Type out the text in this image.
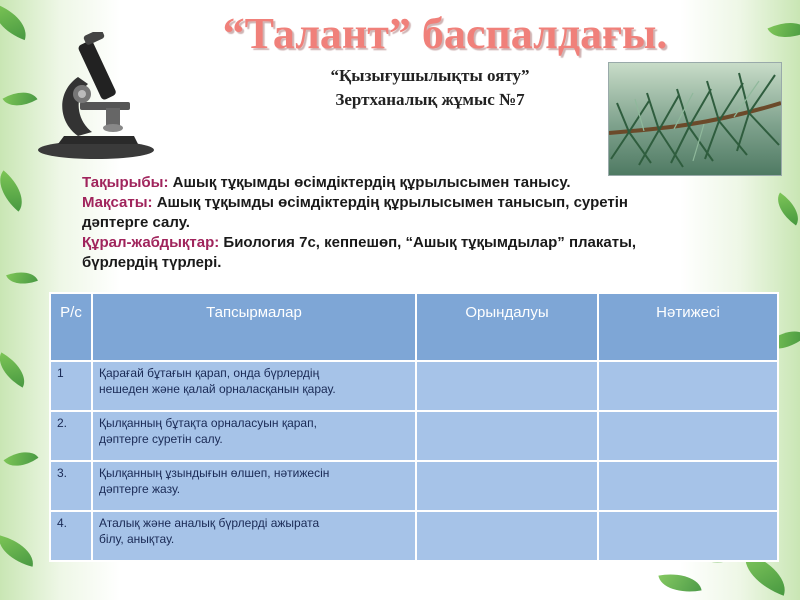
“Талант” баспалдағы.
“Қызығушылықты ояту”
Зертханалық жұмыс №7
Тақырыбы: Ашық тұқымды өсімдіктердің құрылысымен танысу.
Мақсаты: Ашық тұқымды өсімдіктердің құрылысымен танысып, суретін
дәптерге салу.
Құрал-жабдықтар: Биология 7с, кеппешөп, “Ашық тұқымдылар” плакаты,
бүрлердің түрлері.
Р/с	Тапсырмалар	Орындалуы	Нәтижесі
1	Қарағай бұтағын қарап, онда бүрлердің
нешеден және қалай орналасқанын қарау.		

2.	Қылқанның бұтақта орналасуын қарап,
дәптерге суретін салу.		

3.	Қылқанның ұзындығын өлшеп, нәтижесін
дәптерге жазу.		

4.	Аталық және аналық бүрлерді ажырата
білу, анықтау.		
